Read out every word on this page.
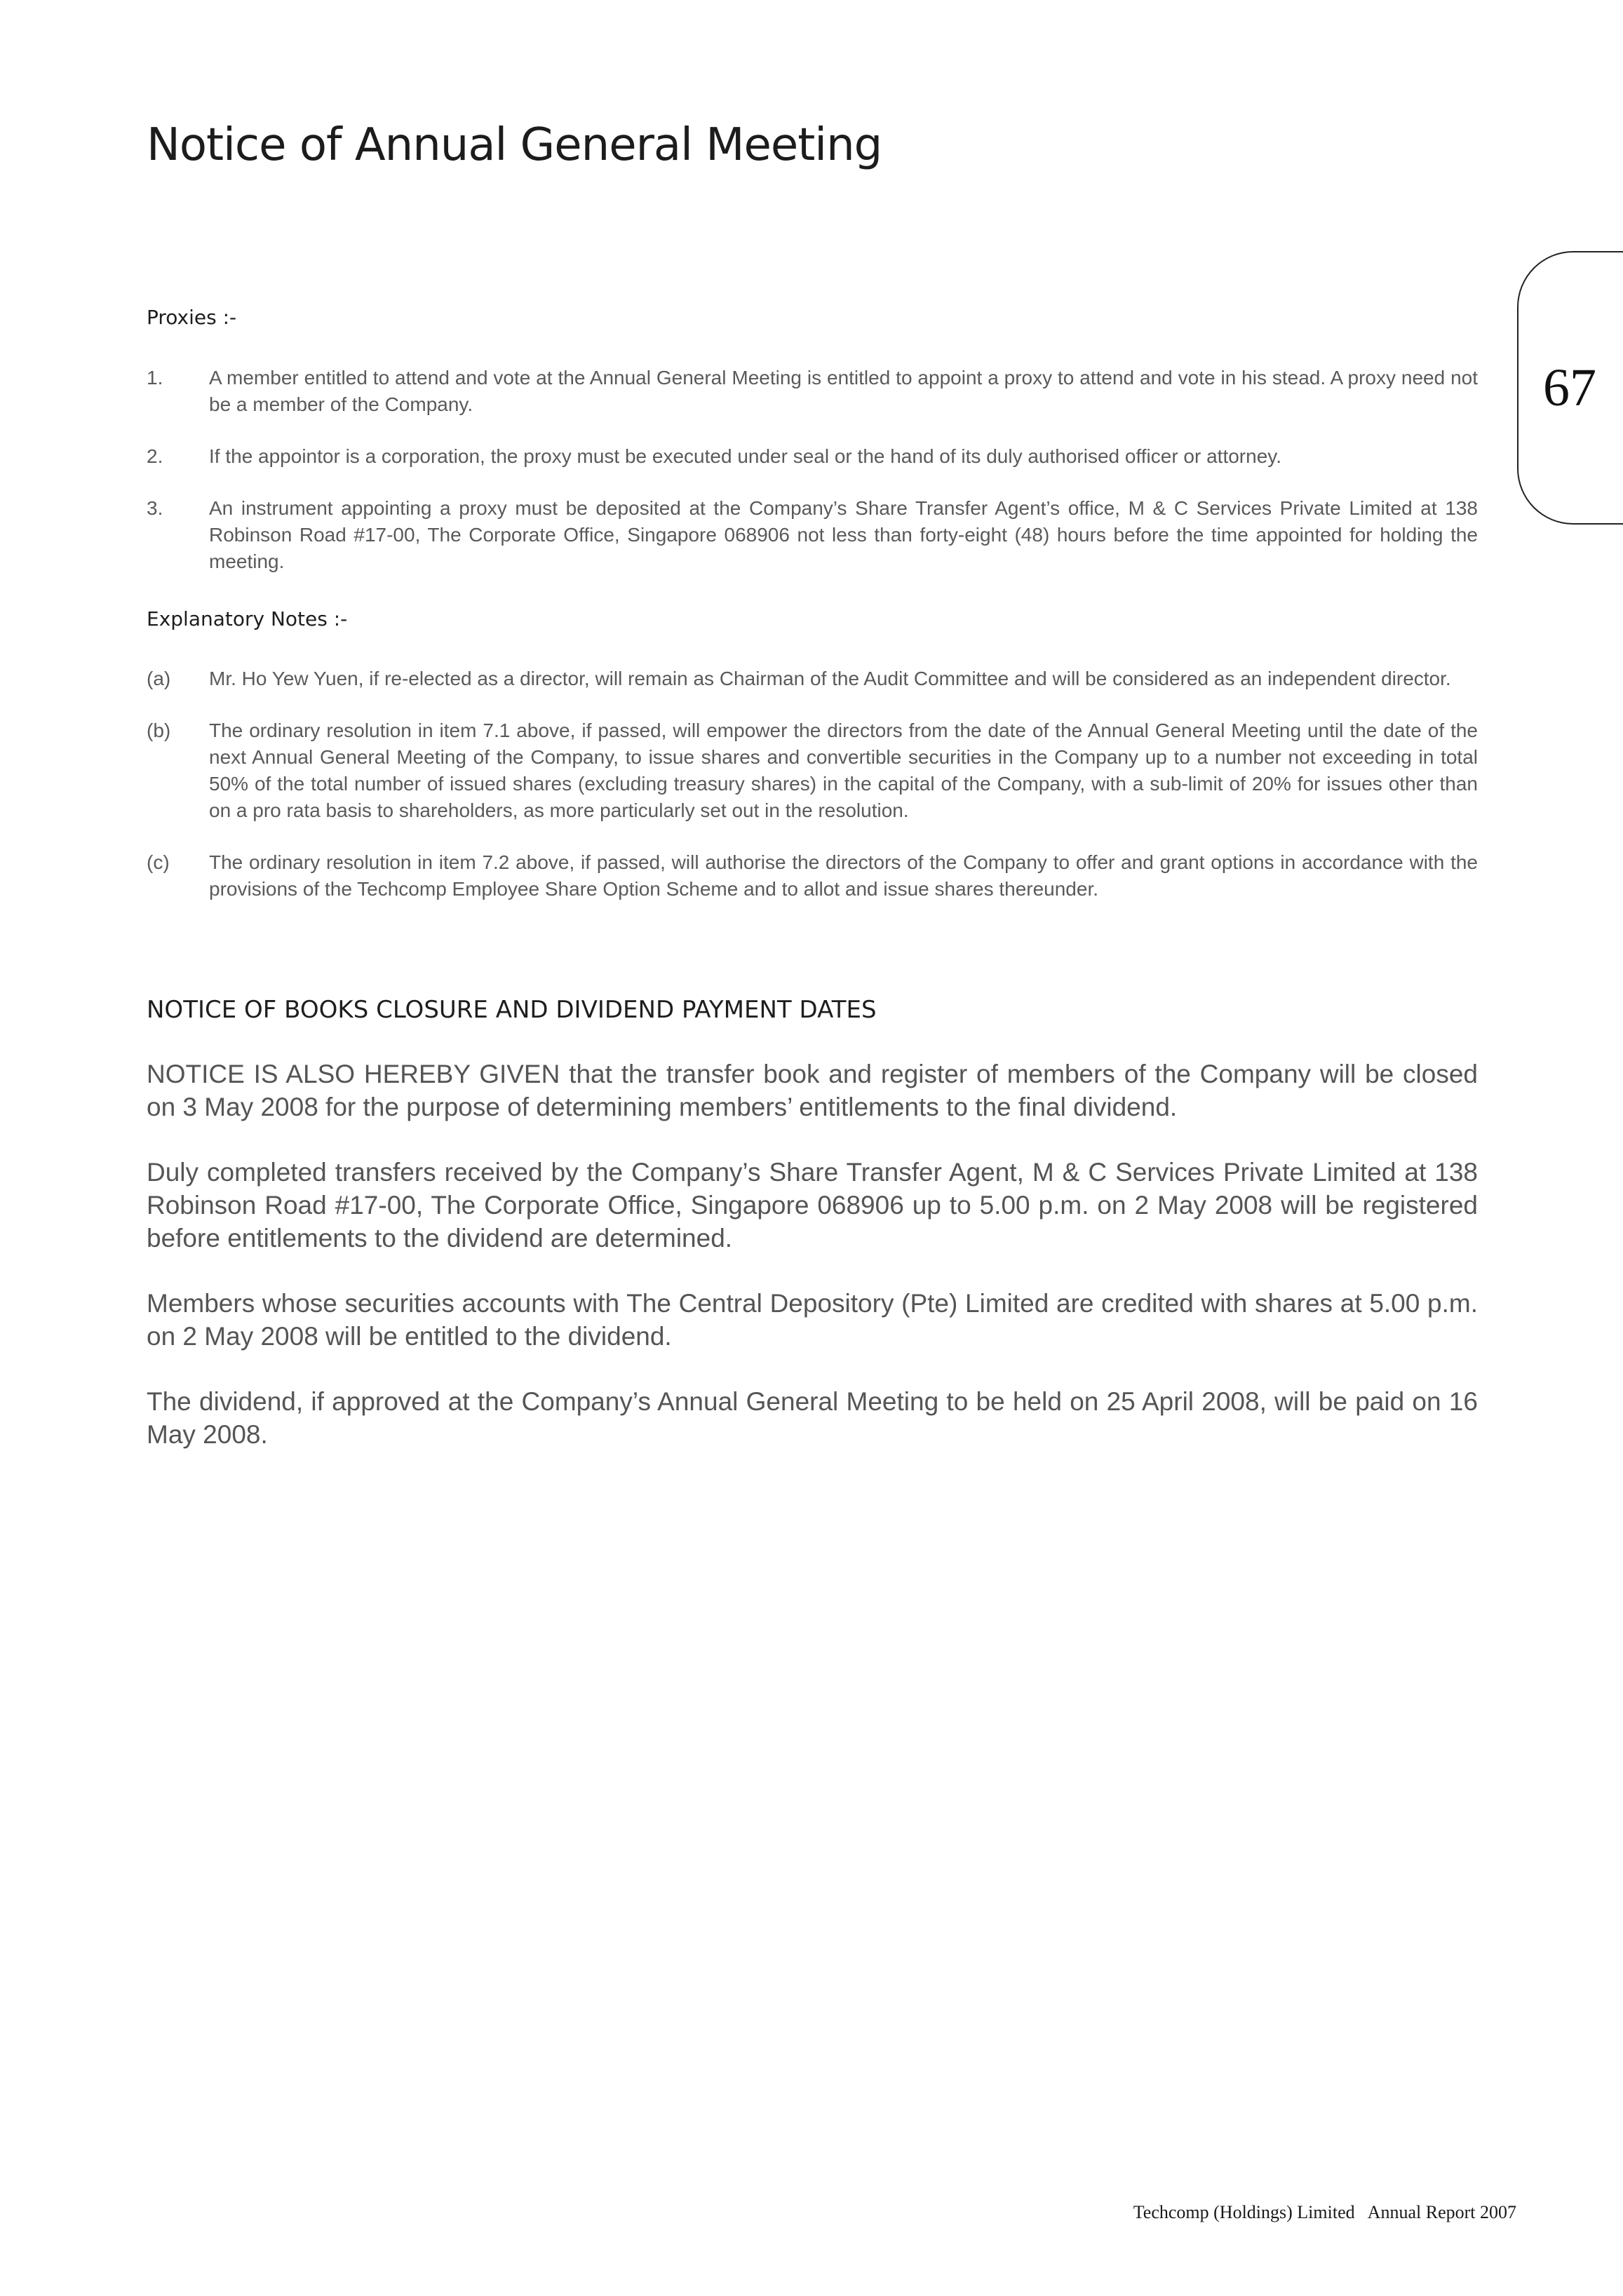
Notice of Annual General Meeting
67
Proxies :-
1. A member entitled to attend and vote at the Annual General Meeting is entitled to appoint a proxy to attend and vote in his stead. A proxy need not be a member of the Company.
2. If the appointor is a corporation, the proxy must be executed under seal or the hand of its duly authorised officer or attorney.
3. An instrument appointing a proxy must be deposited at the Company’s Share Transfer Agent’s office, M & C Services Private Limited at 138 Robinson Road #17-00, The Corporate Office, Singapore 068906 not less than forty-eight (48) hours before the time appointed for holding the meeting.
Explanatory Notes :-
(a) Mr. Ho Yew Yuen, if re-elected as a director, will remain as Chairman of the Audit Committee and will be considered as an independent director.
(b) The ordinary resolution in item 7.1 above, if passed, will empower the directors from the date of the Annual General Meeting until the date of the next Annual General Meeting of the Company, to issue shares and convertible securities in the Company up to a number not exceeding in total 50% of the total number of issued shares (excluding treasury shares) in the capital of the Company, with a sub-limit of 20% for issues other than on a pro rata basis to shareholders, as more particularly set out in the resolution.
(c) The ordinary resolution in item 7.2 above, if passed, will authorise the directors of the Company to offer and grant options in accordance with the provisions of the Techcomp Employee Share Option Scheme and to allot and issue shares thereunder.
NOTICE OF BOOKS CLOSURE AND DIVIDEND PAYMENT DATES

NOTICE IS ALSO HEREBY GIVEN that the transfer book and register of members of the Company will be closed on 3 May 2008 for the purpose of determining members’ entitlements to the final dividend.

Duly completed transfers received by the Company’s Share Transfer Agent, M & C Services Private Limited at 138 Robinson Road #17-00, The Corporate Office, Singapore 068906 up to 5.00 p.m. on 2 May 2008 will be registered before entitlements to the dividend are determined.

Members whose securities accounts with The Central Depository (Pte) Limited are credited with shares at 5.00 p.m. on 2 May 2008 will be entitled to the dividend.

The dividend, if approved at the Company’s Annual General Meeting to be held on 25 April 2008, will be paid on 16 May 2008.

Techcomp (Holdings) Limited   Annual Report 2007
